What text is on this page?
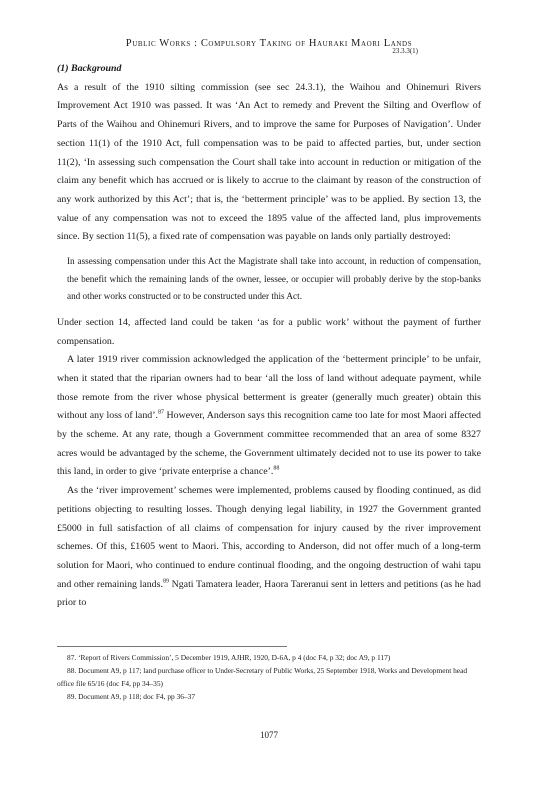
Public Works : Compulsory Taking of Hauraki Maori Lands
23.3.3(1)

(1) Background

As a result of the 1910 silting commission (see sec 24.3.1), the Waihou and Ohinemuri Rivers Improvement Act 1910 was passed. It was ‘An Act to remedy and Prevent the Silting and Overflow of Parts of the Waihou and Ohinemuri Rivers, and to improve the same for Purposes of Navigation’. Under section 11(1) of the 1910 Act, full compensation was to be paid to affected parties, but, under section 11(2), ‘In assessing such compensation the Court shall take into account in reduction or mitigation of the claim any benefit which has accrued or is likely to accrue to the claimant by reason of the construction of any work authorized by this Act’; that is, the ‘betterment principle’ was to be applied. By section 13, the value of any compensation was not to exceed the 1895 value of the affected land, plus improvements since. By section 11(5), a fixed rate of compensation was payable on lands only partially destroyed:

In assessing compensation under this Act the Magistrate shall take into account, in reduction of compensation, the benefit which the remaining lands of the owner, lessee, or occupier will probably derive by the stop-banks and other works constructed or to be constructed under this Act.

Under section 14, affected land could be taken ‘as for a public work’ without the payment of further compensation.

A later 1919 river commission acknowledged the application of the ‘betterment principle’ to be unfair, when it stated that the riparian owners had to bear ‘all the loss of land without adequate payment, while those remote from the river whose physical betterment is greater (generally much greater) obtain this without any loss of land’.$^{87}$ However, Anderson says this recognition came too late for most Maori affected by the scheme. At any rate, though a Government committee recommended that an area of some 8327 acres would be advantaged by the scheme, the Government ultimately decided not to use its power to take this land, in order to give ‘private enterprise a chance’.$^{88}$

As the ‘river improvement’ schemes were implemented, problems caused by flooding continued, as did petitions objecting to resulting losses. Though denying legal liability, in 1927 the Government granted £5000 in full satisfaction of all claims of compensation for injury caused by the river improvement schemes. Of this, £1605 went to Maori. This, according to Anderson, did not offer much of a long-term solution for Maori, who continued to endure continual flooding, and the ongoing destruction of wahi tapu and other remaining lands.$^{89}$ Ngati Tamatera leader, Haora Tareranui sent in letters and petitions (as he had prior to

87. ‘Report of Rivers Commission’, 5 December 1919, AJHR, 1920, D-6A, p 4 (doc F4, p 32; doc A9, p 117)

88. Document A9, p 117; land purchase officer to Under-Secretary of Public Works, 25 September 1918, Works and Development head office file 65/16 (doc F4, pp 34–35)

89. Document A9, p 118; doc F4, pp 36–37

1077
